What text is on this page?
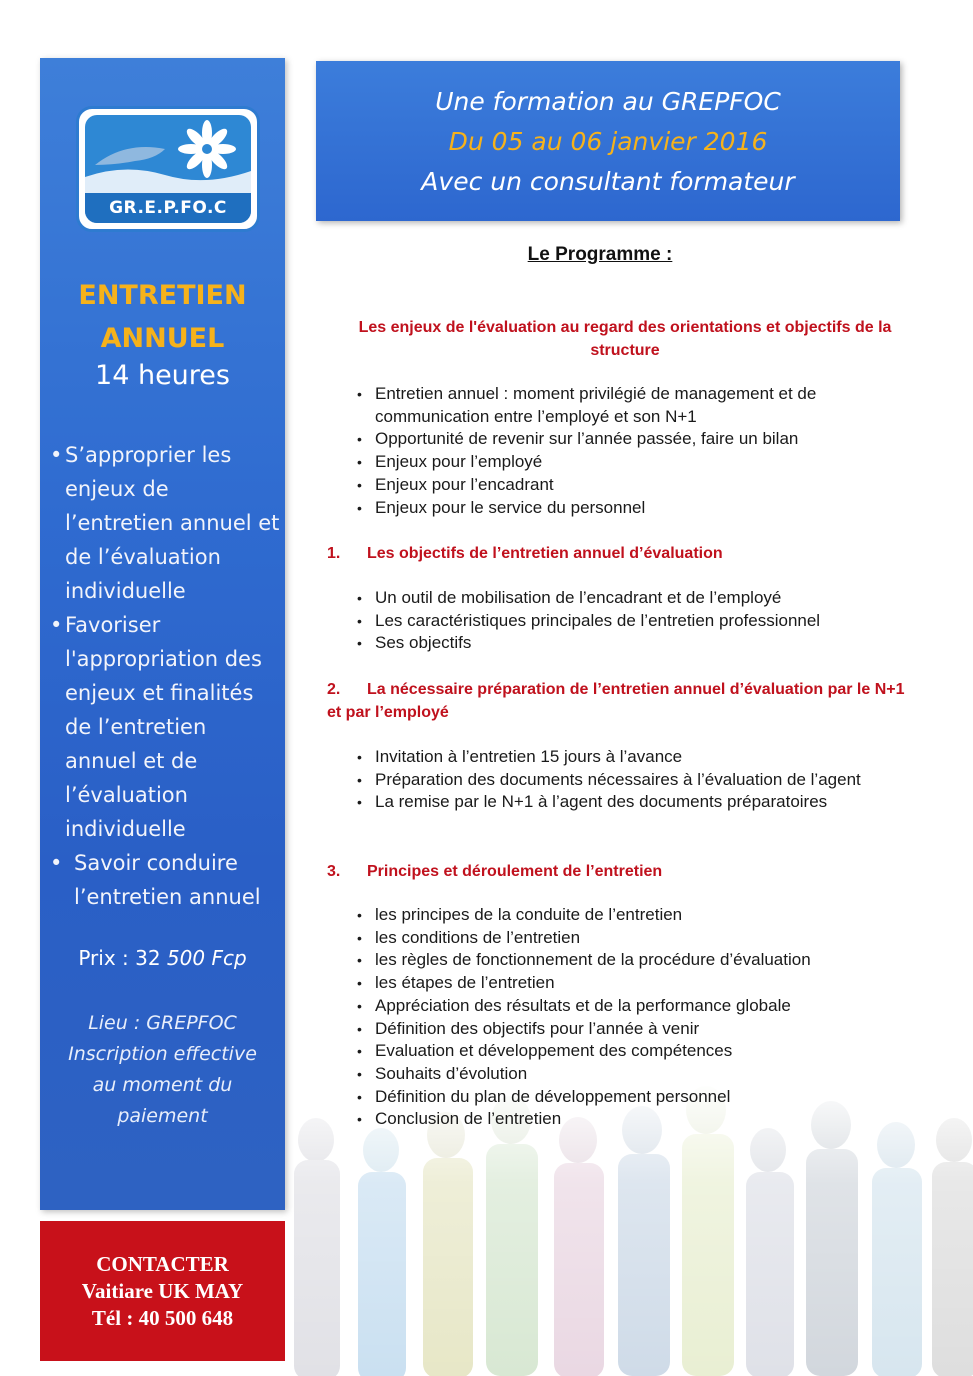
GR.E.P.FO.C
ENTRETIEN
ANNUEL
14 heures
• S’approprier les enjeux de l’entretien annuel et de l’évaluation individuelle
• Favoriser l'appropriation des enjeux et finalités de l’entretien annuel et de l’évaluation individuelle
• Savoir conduire l’entretien annuel
Prix : 32 500 Fcp
Lieu : GREPFOC
Inscription effective
au moment du
paiement
CONTACTER
Vaitiare UK MAY
Tél : 40 500 648
Une formation au GREPFOC
Du 05 au 06 janvier 2016
Avec un consultant formateur
Le Programme :
Les enjeux de l'évaluation au regard des orientations et objectifs de la structure
• Entretien annuel : moment privilégié de management et de communication entre l’employé et son N+1
• Opportunité de revenir sur l’année passée, faire un bilan
• Enjeux pour l’employé
• Enjeux pour l’encadrant
• Enjeux pour le service du personnel
1. Les objectifs de l’entretien annuel d’évaluation
• Un outil de mobilisation de l’encadrant et de l’employé
• Les caractéristiques principales de l’entretien professionnel
• Ses objectifs
2. La nécessaire préparation de l’entretien annuel d’évaluation par le N+1 et par l’employé
• Invitation à l’entretien 15 jours à l’avance
• Préparation des documents nécessaires à l’évaluation de l’agent
• La remise par le N+1 à l’agent des documents préparatoires
3. Principes et déroulement de l’entretien
• les principes de la conduite de l’entretien
• les conditions de l’entretien
• les règles de fonctionnement de la procédure d’évaluation
• les étapes de l’entretien
• Appréciation des résultats et de la performance globale
• Définition des objectifs pour l’année à venir
• Evaluation et développement des compétences
• Souhaits d’évolution
• Définition du plan de développement personnel
• Conclusion de l’entretien
